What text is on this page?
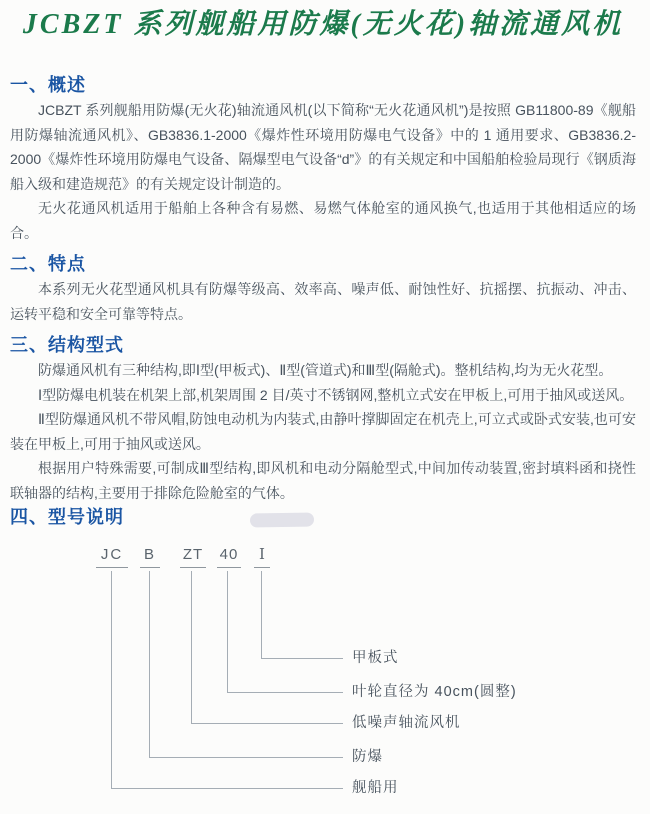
JCBZT 系列舰船用防爆(无火花)轴流通风机
一、概述

JCBZT 系列舰船用防爆(无火花)轴流通风机(以下简称“无火花通风机”)是按照 GB11800-89《舰船用防爆轴流通风机》、GB3836.1-2000《爆炸性环境用防爆电气设备》中的 1 通用要求、GB3836.2-2000《爆炸性环境用防爆电气设备、隔爆型电气设备“d”》的有关规定和中国船舶检验局现行《钢质海船入级和建造规范》的有关规定设计制造的。

无火花通风机适用于船舶上各种含有易燃、易燃气体舱室的通风换气,也适用于其他相适应的场合。

二、特点

本系列无火花型通风机具有防爆等级高、效率高、噪声低、耐蚀性好、抗摇摆、抗振动、冲击、运转平稳和安全可靠等特点。

三、结构型式

防爆通风机有三种结构,即Ⅰ型(甲板式)、Ⅱ型(管道式)和Ⅲ型(隔舱式)。整机结构,均为无火花型。

Ⅰ型防爆电机装在机架上部,机架周围 2 目/英寸不锈钢网,整机立式安在甲板上,可用于抽风或送风。

Ⅱ型防爆通风机不带风帽,防蚀电动机为内装式,由静叶撑脚固定在机壳上,可立式或卧式安装,也可安装在甲板上,可用于抽风或送风。

根据用户特殊需要,可制成Ⅲ型结构,即风机和电动分隔舱型式,中间加传动装置,密封填料函和挠性联轴器的结构,主要用于排除危险舱室的气体。

四、型号说明
JC	B ZT 40	Ⅰ
舰船用
防爆
低噪声轴流风机
叶轮直径为 40cm(圆整)
甲板式
